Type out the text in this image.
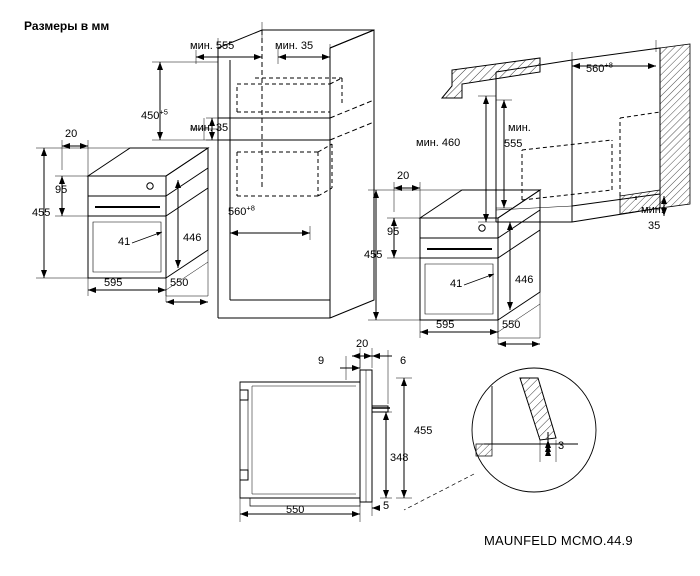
Размеры в мм
мин. 555	мин. 35
$450^{+5}$
мин. 35
$560^{+8}$
20
95
455
41	446
595	550
$560^{+8}$
мин. 460
мин.
555
мин.
35
20
95
455
41	446
595	550
20
9	6
455
348
5
550
3
MAUNFELD MCMO.44.9
